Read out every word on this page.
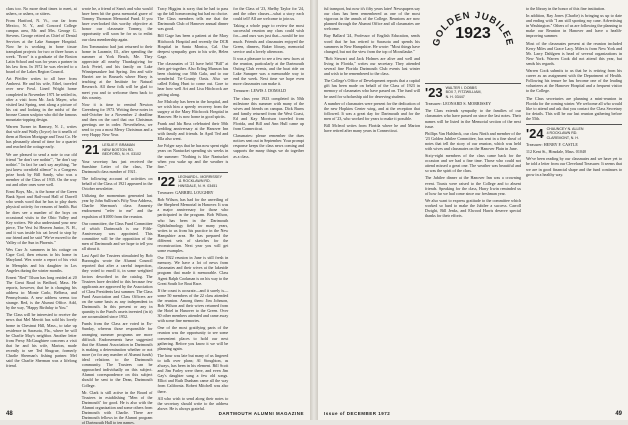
class too. No more dead times to meet, at ushers, or ushers, or sitters.

From Hartford, N. Vt., our far from Mexico, N. Y., and Concord College campus area, Mr. and Mrs. George G. Stevens. George retired as Chief of Dental Services at the Lake Sunapee Hospital. Now he is working in bone tissue transplant projects for two or three hours a week. "Error" is a graduate of the Boston Latin School and was for years a partner in his law firm. In 1972 he was elected to a board of the Lakes Region Council.

Art Pfeiffer writes to all here from Amherst. He and his wife, Ethel, traveled over new Fowl. Lined Wright home completed in November 1971 he settled in, after a visit from Mr. Jack Mayer, who visited last Spring, sent along a picture of his cat and looking in the midst of the bronze Canon sculptor who did the famous mountain-topping design.

Warren Turner in Ramsey, N. J., writes that wife and Wally (Joyce) for it smells of them at Boston Mortgage and Trust Co. He has pleasantly ahead of time for a quartet and reached the cottage early.

We are pleased to send a note to our old friend "he don't see nothin'", "he don't say nothin'." In fact he can't say anything, "he just knew cornfield silence" is a Congress prize book by Bill Sandy, who was a member of the Class of 1935. On the way out and other ones were well.

Ernst Boys, Mo., is the home of the Green Bank Sport and Rail-road Hall of Darrell who sends word that he has to play duets physical activity for reasons of health. But he does see a number of the boys on occasional visits to the Ohio Valley and Key writers. We also understand your new piece, The Vest Ist Heaven Junior, N. H., and it was inside his cat loved to stop by our friend and he said "We've moved to the Valley of the Sun in Phoenix."

Wes Carr Jr. summers in his cottage on Cape Cod, then returns to his home in Maryland. Wes wrote a report of his visit in Memphis and his daughter in Los Angeles during the winter months.

Ernest "Red" Tilson has long resided at 20 The Great Road in Bedford, Mass. He reports, however, that he is changing his address to: Monte Carlo, Belbeca, and Pennsylvania. A new address seems too strange. Red, is the Alumni Office. Add, by the way, "Happy Birthday to You."

The Class will be interested to receive the news that Mel Merritt has sold his lovely home in Chestnut Hill, Mass., to take up residence in Sarasota, Fla., where he will be Charlie May's neighbor. Another letter from Prexy McGaughtree concerns a visit that he and his wife, Marion, made recently to see Ted Shugrue, formerly Charlie Sherman's fishing partner. Mel said the Charlie Sherman was a lifelong friend.

wrote he, a friend of Sam's and who would have been hit the grass memorial grave of Tommy Thomson Memorial Fund. If you have overlooked this worthy objective at honor our classmate Tommy, the opportunity will soon be for us to enlist our class membership again.

Jim Tommasino had just returned to their home in Laramie, Ill., after spending the summer at York Beach, Me. They appreciate all nearby Thanksgiving for Jack Pretel, and his family on Lake Winnipesaukee last Spring. Jim and wife Harriet are in Brussels where Harry is teaching at the Institute for Natural Research. All these folk will be glad to meet you and to welcome them back to this country.

Now it is time to remind Newton Greenberg for 1973. Writing these notes in mid-October for a November 2 deadline and then on the card that our Christmas greetings are in order. Nevertheless, we send to you a most Merry Christmas and a very Happy New Year.

'21 LESLIE F. BRAMAN
NEW BOSTON RD.
BEDFORD, N. H. 03102

Your secretary has just received the Sunshine Letter of the class, The Dartmouth class number of 1921.

The following account of activities on behalf of the Class of 1921 appeared in the October newsletter.

Utilizing the momentum generated last year by John Sullivan's Fifty Year Address, Charlie Sherman's class Amnesty endowment "refer to me" and the expulsion of $1000 from the reunion.

Our committee, the Class Fund Committee of which Dartmouth is our Fifth-Anniversary was appointed. This committee will be the opposition of the men of Dartmouth and we hope to tell you all about it.

Last April the Trustees stimulated by Bob Burroughs wrote the Alumni Council reported that after a careful inspection, they voted to enroll it, in some weighted factors described in the catalog. The Trustees have decided to this because few applicants are approved by the Association of Class Presidents last summer. The Class Fund Association and Class Officers are on the same basis as any independent in Dartmouth. In this present or any in quantity is the Fund's assets invested (in it) are accumulated since 1952.

Funds from the Class are voted in Ex-Sunday, whereas those responsible for arranging summer programs are more difficult. Endorsements have suggested that the Alumni Association in Dartmouth is making a determination whether or not more (or for any number of Alumni funds) ideal relations to the Dartmouth community. The Trustees can be approached individually on this subject. Alumni correspondence on this subject should be sent to the Dean, Dartmouth College.

Mr. Clark is still active in the Board of Trustees in establishing "Men of the Dartmouth" for good. He is also with the Alumni organization and some others from Dartmouth with Charlie. There are Dartmouth fellows in the Alumni program of Dartmouth Hall to ten names.

Tracy Higgins is sorry that he had to pass up the fall homecoming but had no choice. The Class members tells me that the Dartmouth Club of Hanover annual dinner was good.

Bill Gage has been a patient at the Mary Hitchcock Hospital and recently the DCR Hospital in Santa Monica, Cal. Our deepest sympathy goes to his wife, Helen Gage.

The classmates of '21 have held "Bill" at their get-together. Also Erling Munson has been chairing our 50th Gala, and to our wonderful Tri-County Oasis. Also we called Erling Hunt to come out. Gore to hear how well Art and Lisa Hitchcock are getting along.

Joe Mulcahy has been in the hospital, and we wish him a speedy recovery from the surgery at the Mary Hitchcock Hospital in Hanover. He is now home in good spirits.

Frank and Ida Ross celebrated their 50th wedding anniversary at the Hanover Inn with family and friends. In April Ted and Ella also went.

Joe Folger says that he has now spent eight years on Nantucket spending six weeks in the summer: "Nothing is like Nantucket when you wake up and the weather is fine."

'22 LEONARD L. MORRISSEY
11 ROCKLAWN RD.
HINSDALE, N. H. 03451

Treasurer: GABRIEL LOUGHRY

Bob Wilson, has had for the unveiling of the Shepherd Memorial in Hanover. It was a major anniversary for those who participated in the program. Bob Wilson, who has been in the Dartmouth Ophthalmology field for many years, writes to us from his practice in the New Hampshire area. He has prepared the different sets of sketches for the reconstruction. Next year you will get some examples.

Our 1922 reunion in June is still fresh in memory. We have a lot of news from classmates and their wives at the lakeside program that made it memorable. Class Agent Ralph Cookman is on his way to the Great South Ice Boat Race.

If the count is accurate—and it surely is—some 50 members of the 22 class attended the reunion. Among them: Jim Johnson, Bob Wilson and their wives returned from the Hotel in Hanover to the Green. Over 30 other members attended and came away with some fine memories.

One of the most gratifying parts of the reunion was the opportunity to see some convenient places to hold our next gathering. Before you know it we will be planning again.

The hour was late but many of us lingered to talk over plans; Al Stoughton, as always, has been in his element. Bill Scott and Jim Farley were there, and even Jim Gay's daughter sang a few old songs. Elliot and Ruth Dunham came all the way from California. Robert Mitchell was also there.

All who wish to send along their notes to the secretary should write to the address above. He is always grateful.

for the Class of '23, Shelby Taylor for '24, and the other classes—what a story each could tell! All are welcome to join us.

Taking a whole page to review the most successful reunion any class could wish for—and ours was just that—would be too much. Friends and classmates enjoyed the Green, dinners, Baker library, memorial service and a lovely afternoon.

It was a pleasure to see a few new faces at the reunion, particularly at the Dartmouth Outing Club events, and the boat ride on Lake Sunapee was a memorable way to end the week. Next time we hope even more classmates can make it.

Treasurer: LEWIS J. DOMALD

The class year 1923 completed its 50th milestone this summer with many of the wives and friends on campus. Dick Burns and family returned from the West Coast, Ed and Kay Morrison traveled from Florida, and Bill and Ann Hull came up from Connecticut.

Classmates: please remember the dues notices sent out in September. Your prompt response keeps the class news coming and supports the many things we do together as a class.

48	DARTMOUTH ALUMNI MAGAZINE

ful transport, but now it's fifty years later! Newspapers say our class has been remembered as one of the most vigorous in the annals of the College. Reunions are now planned through the Alumni Office and all classmates are welcome.

Buy Ballard '24, Professor of English Education, sends word that he has retired to Sarasota and spends his summers in New Hampshire. He wrote: "Most things have changed, but not the view from the top of Moosilauke."

"Bob Stewart and Jack Holmes are alive and well and living in Florida," writes our secretary. They attended several fine Florida Dartmouth Club events last winter and wish to be remembered to the class.

The College's Office of Development reports that a capital gift has been made on behalf of the Class of 1923 in memory of classmates who have passed on. The fund will be used for scholarship aid for deserving students.

A number of classmates were present for the dedication of the new Hopkins Center wing, and at the reception that followed. It was a great day for Dartmouth and for the men of '23, who worked for years to make it possible.

Bill Mcleod writes from Florida where he and Marion have retired after many years in Connecticut.

GOLDEN JUBILEE
1923
'23 WALTER I. DOBBS
BOX 7, FITZWILLIAM,
N. H. 03447

Treasurer: LEONARD S. MORRISSEY

The Class extends sympathy to the families of our classmates who have passed on since the last notes. Their names will be listed in the Memorial section of the next issue.

Phillips Van Halsbeck, our class Ninth and member of the '23 Golden Jubilee Committee, has sent in a fine sheaf of notes that tell the story of our reunion, which was held with wives and classmates on the Hanover Plain in June.

Sixty-eight members of the class came back for the occasion and we had a fine time. Those who could not attend missed a great one. The weather was beautiful and so was the spirit of the class.

The Jubilee dinner at the Hanover Inn was a crowning event. Toasts were raised to the College and to absent friends. Speaking for the class, Harry Irwin reminded us of how far we had come since our freshman year.

We also want to express gratitude to the committee which worked so hard to make the Jubilee a success. Carroll Dwight, Bill Jenks, and Elwood Harris deserve special thanks for their efforts.

to the library in the honor of this fine institution.

In addition, Ray Jones (Charlie) is bringing us up to date and ending with "I am still sporting my cane. Advertising in Washington." Others of us are following the planning to make our Reunion in Hanover and have a health-improving summer.

Most of the classmates present at the reunion included Kerry Miles and Grace Lacy. Miles is from New York and Mr. Larry Dahlgren is head of several organizations in New York. Warren Cook did not attend this year, but sends his regards.

Warren Cook submits to us that he is retiring from his career as an assignment with the Department of Health. Following his tenure he has become one of the leading volunteers at the Hanover Hospital and a frequent visitor to the College.

The Class secretaries are planning a mini-reunion in Florida for the coming winter. We welcome all who would like to attend and ask that you contact the Class Secretary for details. This will be our last reunion gathering before the 55th.

'24 CHAUNCEY N. ALLEN
4 ROCKLAWN RD.
CLAREMONT, N. H.

Treasurer: HENRY F. CASTLE

112 Kent St., Hinsdale, Mass. 01040

We've been reading by our classmates and we have yet to be told a letter from our Cleveland Treasurer. It seems that we are in good financial shape and the fund continues to grow in a healthy way.

Issue of DECEMBER 1972	49
